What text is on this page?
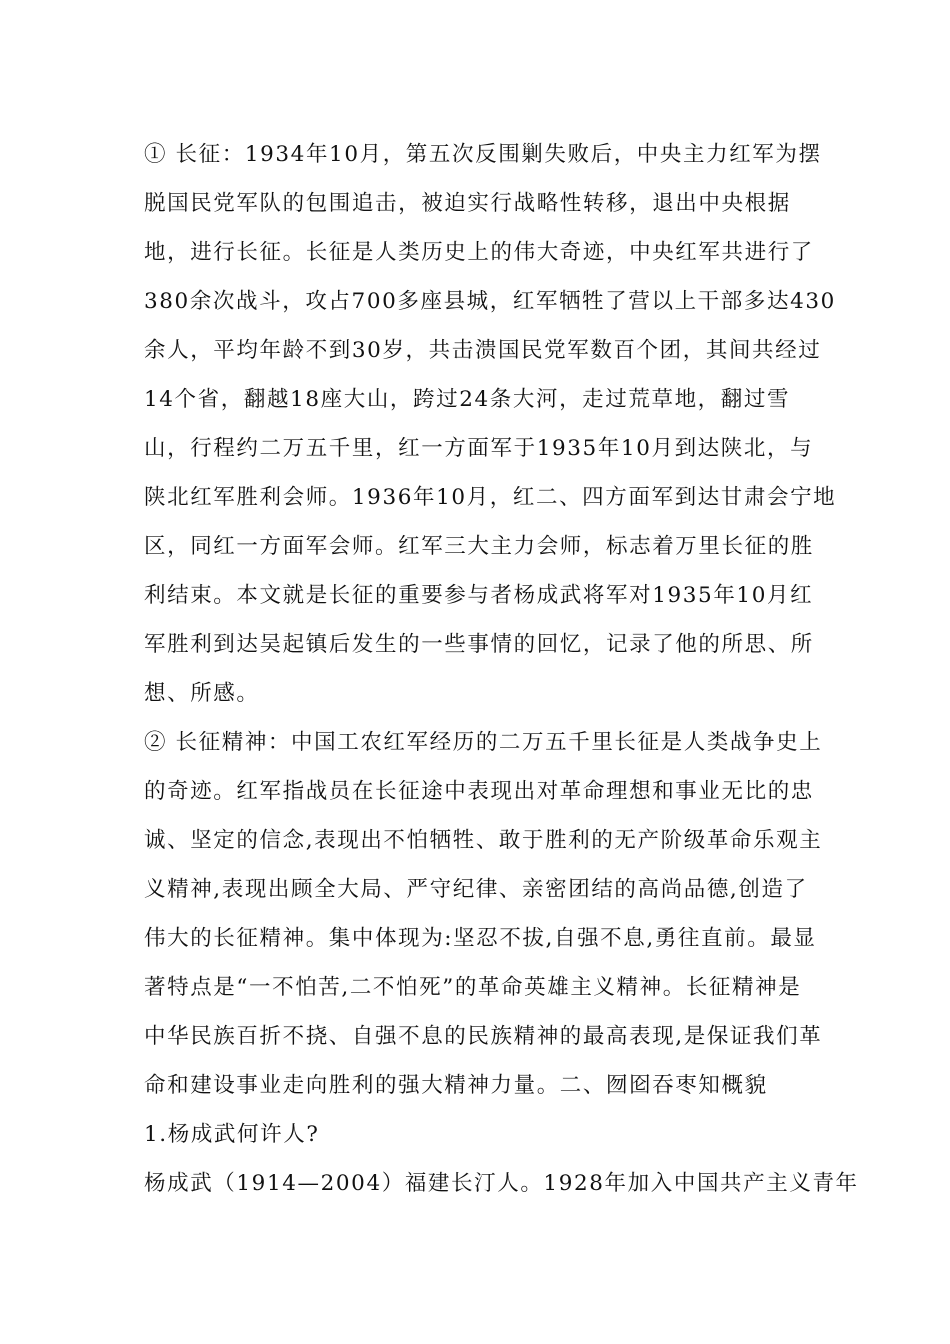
① 长征：1934年10月，第五次反围剿失败后，中央主力红军为摆
脱国民党军队的包围追击，被迫实行战略性转移，退出中央根据
地，进行长征。长征是人类历史上的伟大奇迹，中央红军共进行了
380余次战斗，攻占700多座县城，红军牺牲了营以上干部多达430
余人，平均年龄不到30岁，共击溃国民党军数百个团，其间共经过
14个省，翻越18座大山，跨过24条大河，走过荒草地，翻过雪
山，行程约二万五千里，红一方面军于1935年10月到达陕北，与
陕北红军胜利会师。1936年10月，红二、四方面军到达甘肃会宁地
区，同红一方面军会师。红军三大主力会师，标志着万里长征的胜
利结束。本文就是长征的重要参与者杨成武将军对1935年10月红
军胜利到达吴起镇后发生的一些事情的回忆，记录了他的所思、所
想、所感。
② 长征精神：中国工农红军经历的二万五千里长征是人类战争史上
的奇迹。红军指战员在长征途中表现出对革命理想和事业无比的忠
诚、坚定的信念,表现出不怕牺牲、敢于胜利的无产阶级革命乐观主
义精神,表现出顾全大局、严守纪律、亲密团结的高尚品德,创造了
伟大的长征精神。集中体现为:坚忍不拔,自强不息,勇往直前。最显
著特点是“一不怕苦,二不怕死”的革命英雄主义精神。长征精神是
中华民族百折不挠、自强不息的民族精神的最高表现,是保证我们革
命和建设事业走向胜利的强大精神力量。二、囫囵吞枣知概貌
1.杨成武何许人?
杨成武（1914—2004）福建长汀人。1928年加入中国共产主义青年
